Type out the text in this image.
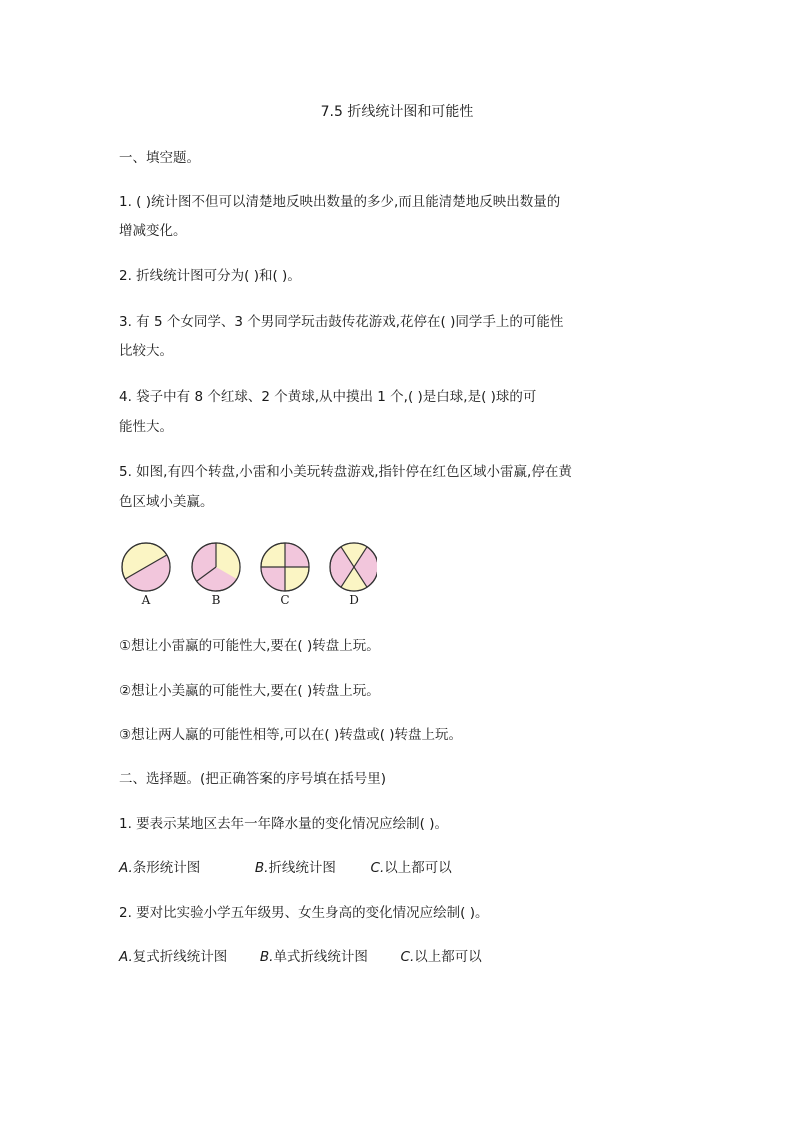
7.5 折线统计图和可能性
一、填空题。
1. ( )统计图不但可以清楚地反映出数量的多少,而且能清楚地反映出数量的
增减变化。
2. 折线统计图可分为( )和( )。
3. 有 5 个女同学、3 个男同学玩击鼓传花游戏,花停在( )同学手上的可能性
比较大。
4. 袋子中有 8 个红球、2 个黄球,从中摸出 1 个,( )是白球,是( )球的可
能性大。
5. 如图,有四个转盘,小雷和小美玩转盘游戏,指针停在红色区域小雷赢,停在黄
色区域小美赢。
A	B	C	D
①想让小雷赢的可能性大,要在( )转盘上玩。
②想让小美赢的可能性大,要在( )转盘上玩。
③想让两人赢的可能性相等,可以在( )转盘或( )转盘上玩。
二、选择题。(把正确答案的序号填在括号里)
1. 要表示某地区去年一年降水量的变化情况应绘制( )。
A.条形统计图	B.折线统计图	C.以上都可以
2. 要对比实验小学五年级男、女生身高的变化情况应绘制( )。
A.复式折线统计图 B.单式折线统计图 C.以上都可以
